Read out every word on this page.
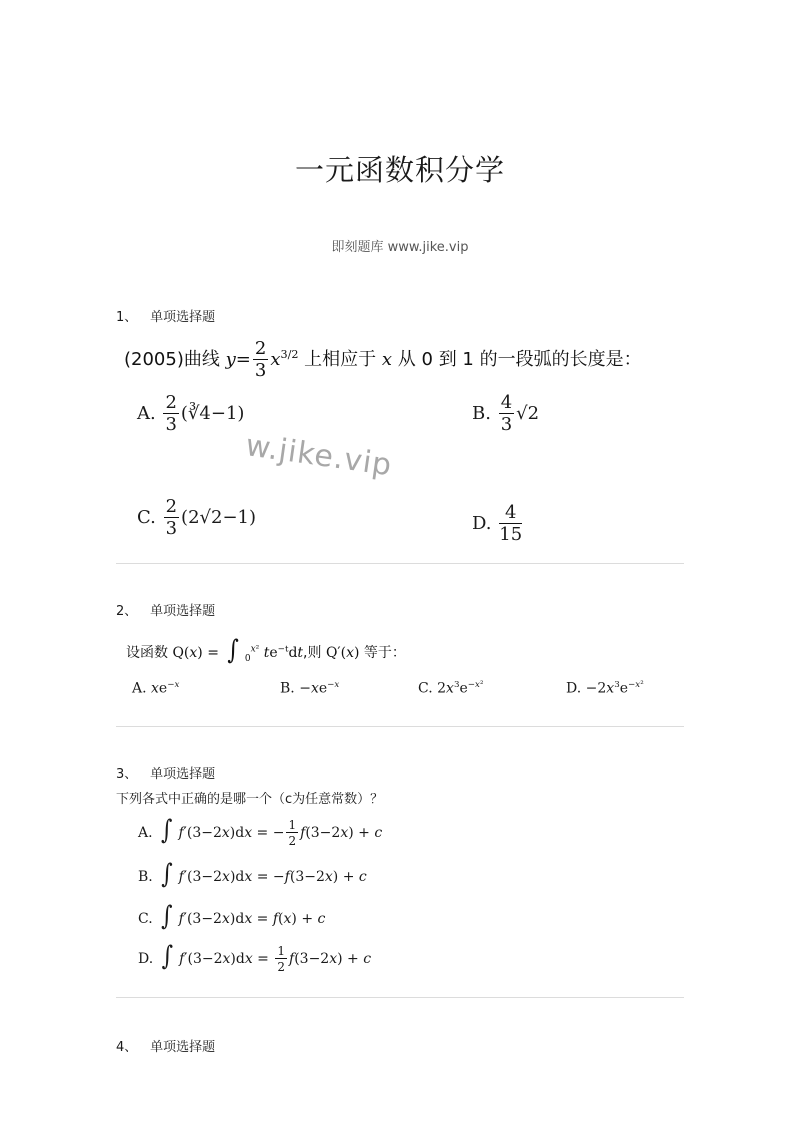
一元函数积分学
即刻题库 www.jike.vip
1、 单项选择题
(2005)曲线 $y= \frac{2}{3} x^{3/2}$ 上相应于 x 从 0 到 1 的一段弧的长度是：
A. $\frac{2}{3}$ (∛4−1)	B. $\frac{4}{3} √2$
C. $\frac{2}{3} (2√2-1)$	D. $\frac{4}{15}$
w.jike.vip
2、 单项选择题
设函数 Q(x) = ∫ $_0^{x^2}$ $te^{-t}dt$,则 Q′(x) 等于：
A. $xe^{-x}$	B. $-xe^{-x}$	C. $2x^3e^{-x^2}$	D. $-2x^3e^{-x^2}$
3、 单项选择题
下列各式中正确的是哪一个（c为任意常数）？
A. ∫ f′(3−2x)dx = − $\frac{1}{2} f(3-2x) + c$
B. ∫ f′(3−2x)dx = −f(3−2x) + c
C. ∫ f′(3−2x)dx = f(x) + c
D. ∫ $f'(3-2x)dx = \frac{1}{2} f(3-2x) + c$
4、 单项选择题
